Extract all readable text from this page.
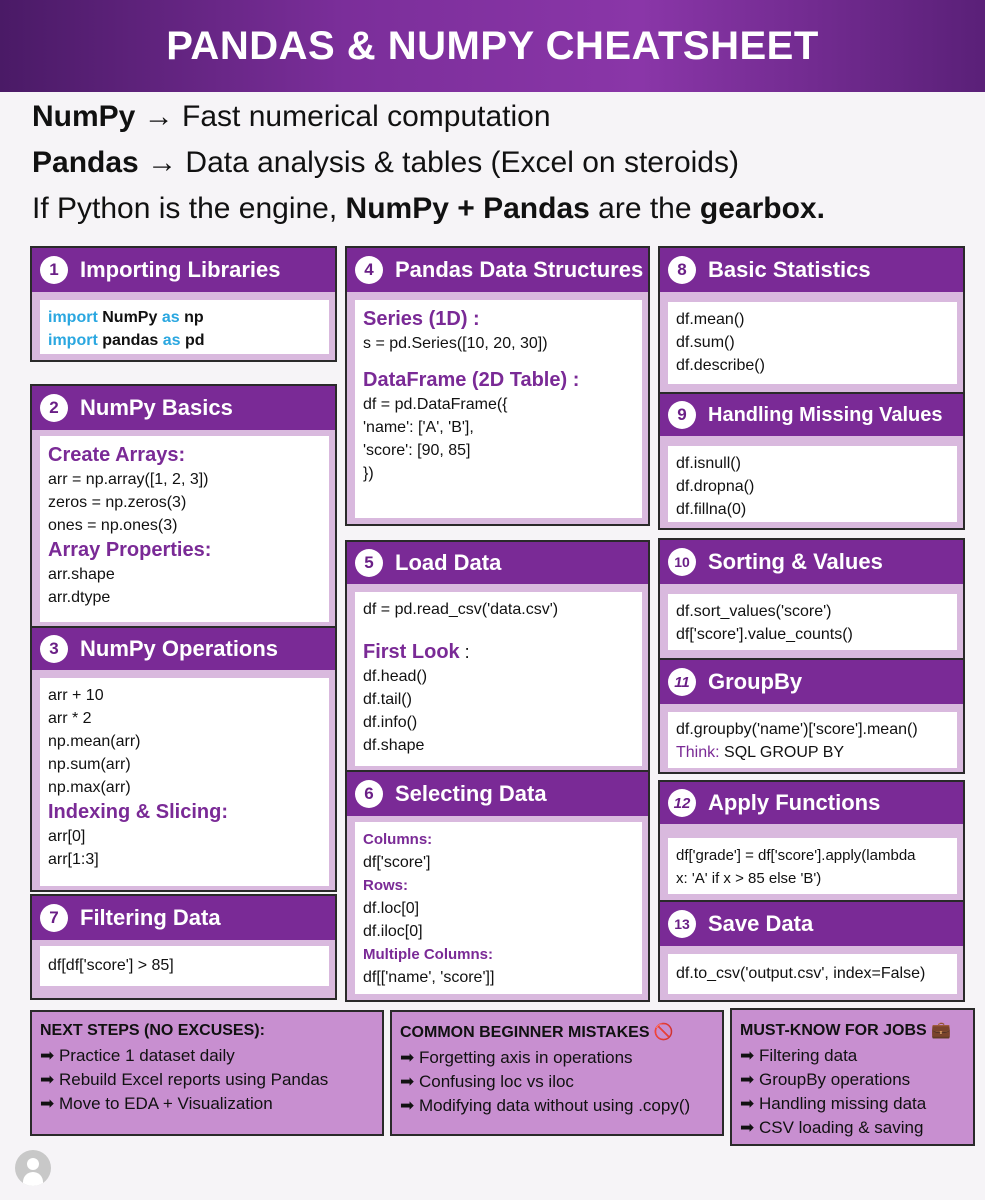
PANDAS & NUMPY CHEATSHEET
NumPy → Fast numerical computation
Pandas → Data analysis & tables (Excel on steroids)
If Python is the engine, NumPy + Pandas are the gearbox.
1 Importing Libraries
import NumPy as np
import pandas as pd
2 NumPy Basics
Create Arrays:
arr = np.array([1, 2, 3])
zeros = np.zeros(3)
ones = np.ones(3)
Array Properties:
arr.shape
arr.dtype
3 NumPy Operations
arr + 10
arr * 2
np.mean(arr)
np.sum(arr)
np.max(arr)
Indexing & Slicing:
arr[0]
arr[1:3]
7 Filtering Data
df[df['score'] > 85]
4 Pandas Data Structures
Series (1D) :
s = pd.Series([10, 20, 30])
DataFrame (2D Table) :
df = pd.DataFrame({
'name': ['A', 'B'],
'score': [90, 85]
})
5 Load Data
df = pd.read_csv('data.csv')
First Look :
df.head()
df.tail()
df.info()
df.shape
6 Selecting Data
Columns:
df['score']
Rows:
df.loc[0]
df.iloc[0]
Multiple Columns:
df[['name', 'score']]
8 Basic Statistics
df.mean()
df.sum()
df.describe()
9	Handling Missing Values
df.isnull()
df.dropna()
df.fillna(0)
10 Sorting & Values
df.sort_values('score')
df['score'].value_counts()
11 GroupBy
df.groupby('name')['score'].mean()
Think: SQL GROUP BY
12 Apply Functions
df['grade'] = df['score'].apply(lambda
x: 'A' if x > 85 else 'B')
13 Save Data
df.to_csv('output.csv', index=False)
NEXT STEPS (NO EXCUSES):
➡ Practice 1 dataset daily
➡ Rebuild Excel reports using Pandas
➡ Move to EDA + Visualization
COMMON BEGINNER MISTAKES 🚫
➡ Forgetting axis in operations
➡ Confusing loc vs iloc
➡ Modifying data without using .copy()
MUST-KNOW FOR JOBS 💼
➡ Filtering data
➡ GroupBy operations
➡ Handling missing data
➡ CSV loading & saving
